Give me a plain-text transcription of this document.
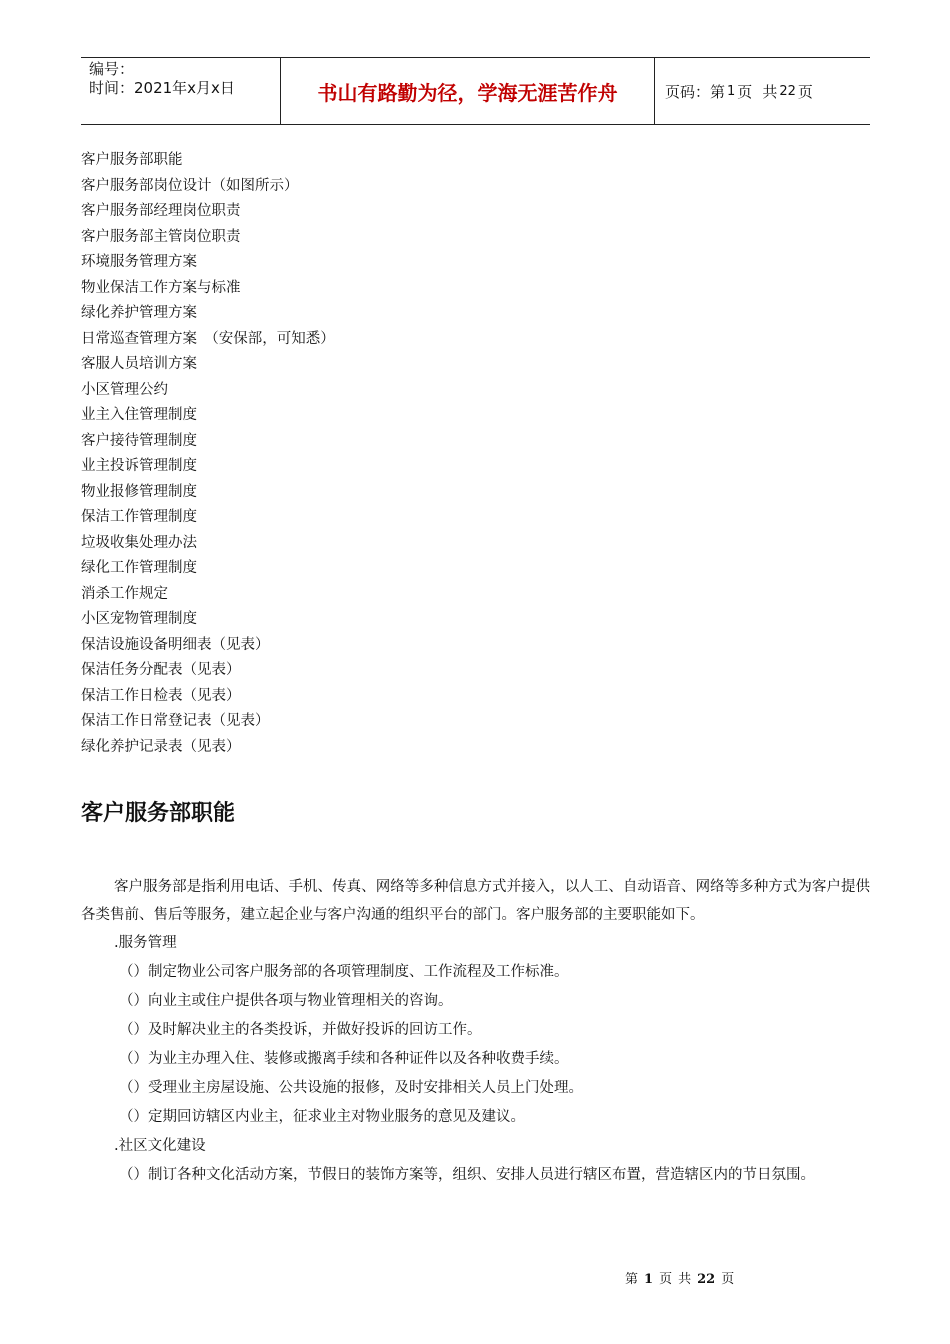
编号：
时间：2021年x月x日	书山有路勤为径，学海无涯苦作舟	页码：第 1 页 共 22 页
客户服务部职能
客户服务部岗位设计（如图所示）
客户服务部经理岗位职责
客户服务部主管岗位职责
环境服务管理方案
物业保洁工作方案与标准
绿化养护管理方案
日常巡查管理方案　（安保部，可知悉）
客服人员培训方案
小区管理公约
业主入住管理制度
客户接待管理制度
业主投诉管理制度
物业报修管理制度
保洁工作管理制度
垃圾收集处理办法
绿化工作管理制度
消杀工作规定
小区宠物管理制度
保洁设施设备明细表（见表）
保洁任务分配表（见表）
保洁工作日检表（见表）
保洁工作日常登记表（见表）
绿化养护记录表（见表）
客户服务部职能

客户服务部是指利用电话、手机、传真、网络等多种信息方式并接入，以人工、自动语音、网络等多种方式为客户提供各类售前、售后等服务，建立起企业与客户沟通的组织平台的部门。客户服务部的主要职能如下。

.服务管理

（）制定物业公司客户服务部的各项管理制度、工作流程及工作标准。

（）向业主或住户提供各项与物业管理相关的咨询。

（）及时解决业主的各类投诉，并做好投诉的回访工作。

（）为业主办理入住、装修或搬离手续和各种证件以及各种收费手续。

（）受理业主房屋设施、公共设施的报修，及时安排相关人员上门处理。

（）定期回访辖区内业主，征求业主对物业服务的意见及建议。

.社区文化建设

（）制订各种文化活动方案，节假日的装饰方案等，组织、安排人员进行辖区布置，营造辖区内的节日氛围。

第 1 页 共 22 页
